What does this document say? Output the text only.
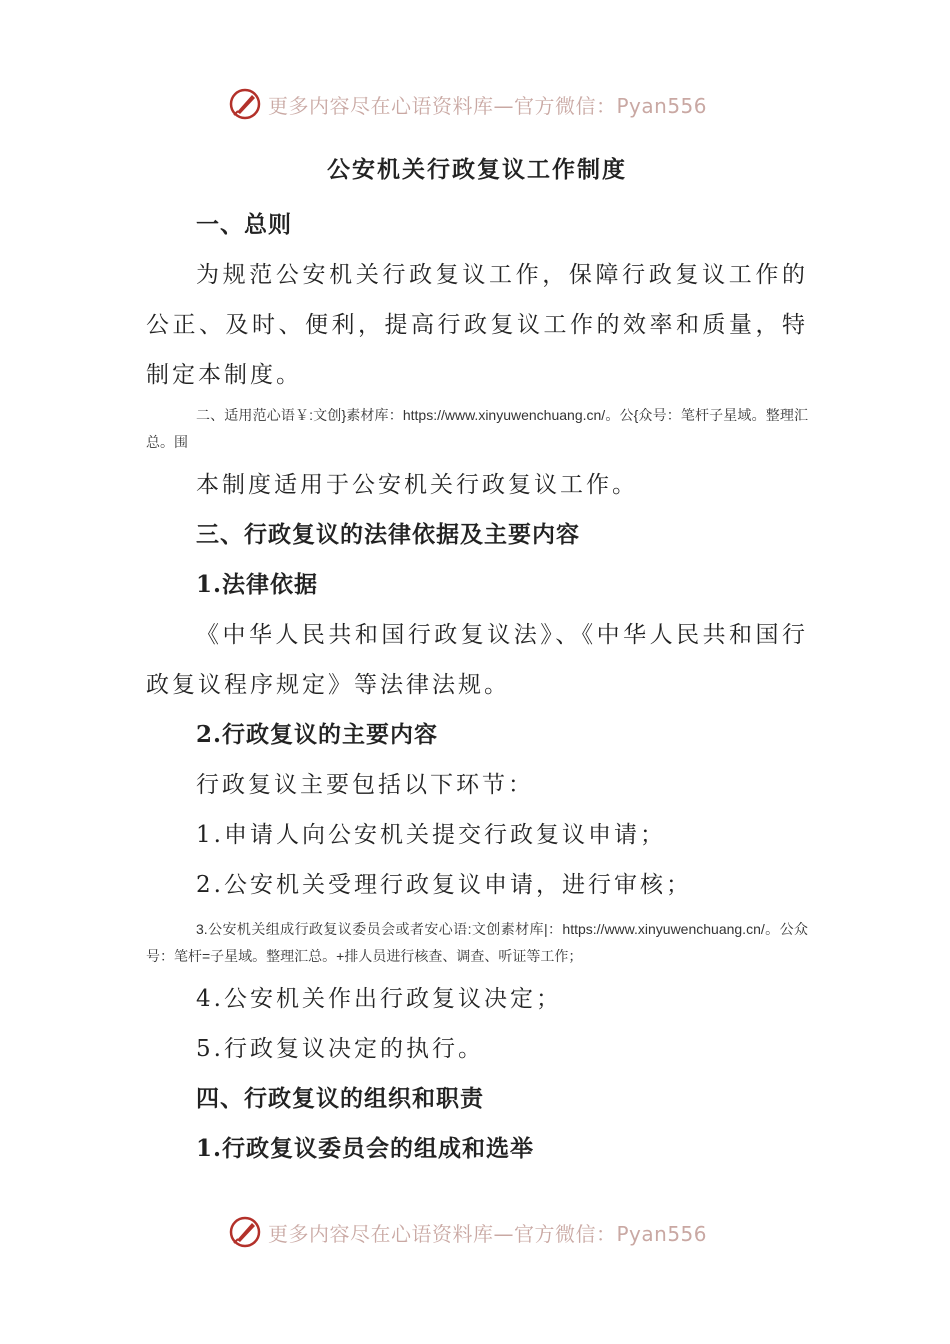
更多内容尽在心语资料库—官方微信：Pyan556
公安机关行政复议工作制度
一、总则
为规范公安机关行政复议工作，保障行政复议工作的公正、及时、便利，提高行政复议工作的效率和质量，特制定本制度。
二、适用范心语￥:文创}素材库：https://www.xinyuwenchuang.cn/。公{众号：笔杆子星域。整理汇总。围
本制度适用于公安机关行政复议工作。
三、行政复议的法律依据及主要内容
1.法律依据
《中华人民共和国行政复议法》、《中华人民共和国行政复议程序规定》等法律法规。
2.行政复议的主要内容
行政复议主要包括以下环节：
1.申请人向公安机关提交行政复议申请；
2.公安机关受理行政复议申请，进行审核；
3.公安机关组成行政复议委员会或者安心语:文创素材库|：https://www.xinyuwenchuang.cn/。公众号：笔杆=子星域。整理汇总。+排人员进行核查、调查、听证等工作；
4.公安机关作出行政复议决定；
5.行政复议决定的执行。
四、行政复议的组织和职责
1.行政复议委员会的组成和选举
更多内容尽在心语资料库—官方微信：Pyan556
